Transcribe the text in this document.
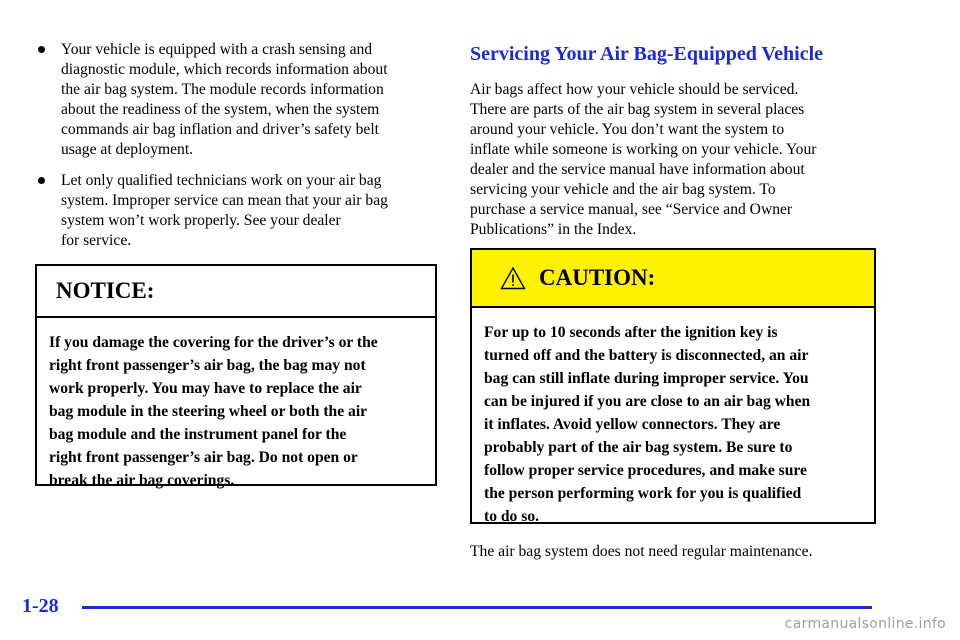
Your vehicle is equipped with a crash sensing and
diagnostic module, which records information about
the air bag system. The module records information
about the readiness of the system, when the system
commands air bag inflation and driver’s safety belt
usage at deployment.
Let only qualified technicians work on your air bag
system. Improper service can mean that your air bag
system won’t work properly. See your dealer
for service.
NOTICE:
If you damage the covering for the driver’s or the
right front passenger’s air bag, the bag may not
work properly. You may have to replace the air
bag module in the steering wheel or both the air
bag module and the instrument panel for the
right front passenger’s air bag. Do not open or
break the air bag coverings.
Servicing Your Air Bag-Equipped Vehicle
Air bags affect how your vehicle should be serviced.
There are parts of the air bag system in several places
around your vehicle. You don’t want the system to
inflate while someone is working on your vehicle. Your
dealer and the service manual have information about
servicing your vehicle and the air bag system. To
purchase a service manual, see “Service and Owner
Publications” in the Index.
CAUTION:
For up to 10 seconds after the ignition key is
turned off and the battery is disconnected, an air
bag can still inflate during improper service. You
can be injured if you are close to an air bag when
it inflates. Avoid yellow connectors. They are
probably part of the air bag system. Be sure to
follow proper service procedures, and make sure
the person performing work for you is qualified
to do so.
The air bag system does not need regular maintenance.
1-28
carmanualsonline.info
